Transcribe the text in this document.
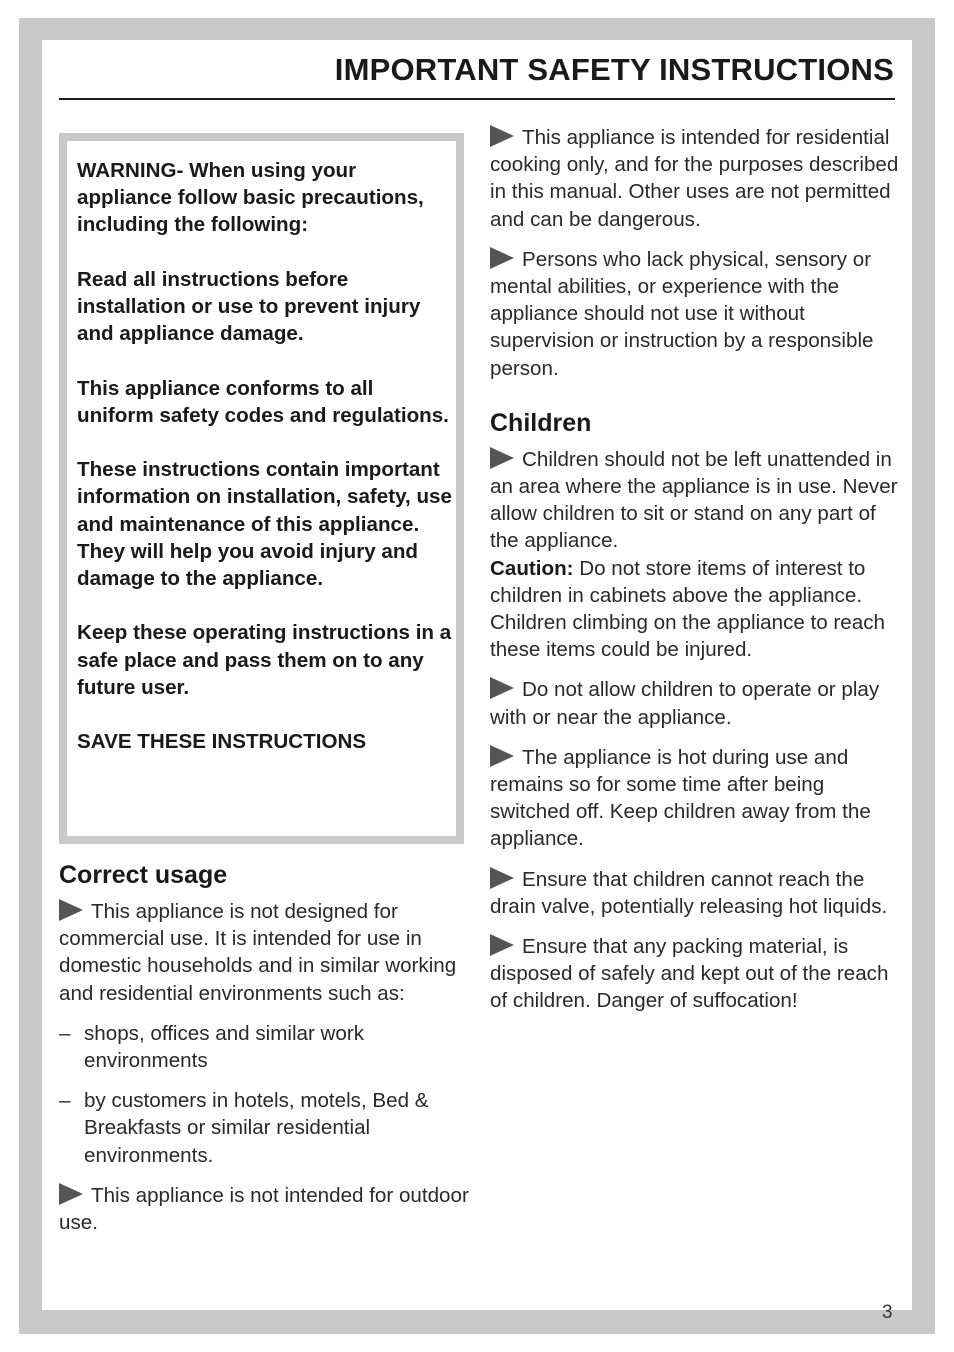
IMPORTANT SAFETY INSTRUCTIONS

WARNING- When using your appliance follow basic precautions, including the following:

Read all instructions before installation or use to prevent injury and appliance damage.

This appliance conforms to all uniform safety codes and regulations.

These instructions contain important information on installation, safety, use and maintenance of this appliance. They will help you avoid injury and damage to the appliance.

Keep these operating instructions in a safe place and pass them on to any future user.

SAVE THESE INSTRUCTIONS

Correct usage

This appliance is not designed for commercial use. It is intended for use in domestic households and in similar working and residential environments such as:

– shops, offices and similar work environments
– by customers in hotels, motels, Bed & Breakfasts or similar residential environments.

This appliance is not intended for outdoor use.

This appliance is intended for residential cooking only, and for the purposes described in this manual. Other uses are not permitted and can be dangerous.

Persons who lack physical, sensory or mental abilities, or experience with the appliance should not use it without supervision or instruction by a responsible person.

Children

Children should not be left unattended in an area where the appliance is in use. Never allow children to sit or stand on any part of the appliance.

Caution: Do not store items of interest to children in cabinets above the appliance. Children climbing on the appliance to reach these items could be injured.

Do not allow children to operate or play with or near the appliance.

The appliance is hot during use and remains so for some time after being switched off. Keep children away from the appliance.

Ensure that children cannot reach the drain valve, potentially releasing hot liquids.

Ensure that any packing material, is disposed of safely and kept out of the reach of children. Danger of suffocation!

3
